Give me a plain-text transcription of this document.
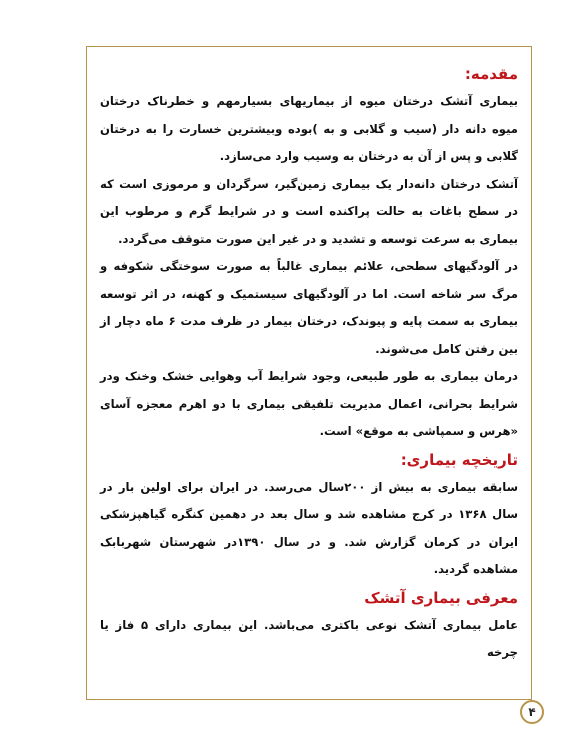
مقدمه:

بیماری آتشک درختان میوه از بیماریهای بسیارمهم و خطرناک درختان میوه دانه دار (سیب و گلابی و به )بوده وبیشترین خسارت را به درختان گلابی و پس از آن به درختان به وسیب وارد می‌سازد.

آتشک درختان دانه‌دار یک بیماری زمین‌گیر، سرگردان و مرموزی است که در سطح باغات به حالت پراکنده است و در شرایط گرم و مرطوب این بیماری به سرعت توسعه و تشدید و در غیر این صورت متوقف می‌گردد.

در آلودگیهای سطحی، علائم بیماری غالباً به صورت سوختگی شکوفه و مرگ سر شاخه است. اما در آلودگیهای سیستمیک و کهنه، در اثر توسعه بیماری به سمت پایه و پیوندک، درختان بیمار در ظرف مدت ۶ ماه دچار از بین رفتن کامل می‌شوند.

درمان بیماری به طور طبیعی، وجود شرایط آب وهوایی خشک وخنک ودر شرایط بحرانی، اعمال مدیریت تلفیقی بیماری با دو اهرم معجزه آسای «هرس و سمپاشی به موقع» است.

تاریخچه بیماری:

سابقه بیماری به بیش از ۲۰۰سال می‌رسد. در ایران برای اولین بار در سال ۱۳۶۸ در کرج مشاهده شد و سال بعد در دهمین کنگره گیاهپزشکی ایران در کرمان گزارش شد. و در سال ۱۳۹۰در شهرستان شهربابک مشاهده گردید.

معرفی بیماری آتشک

عامل بیماری آتشک نوعی باکتری می‌باشد. این بیماری دارای ۵ فاز یا چرخه

۴
